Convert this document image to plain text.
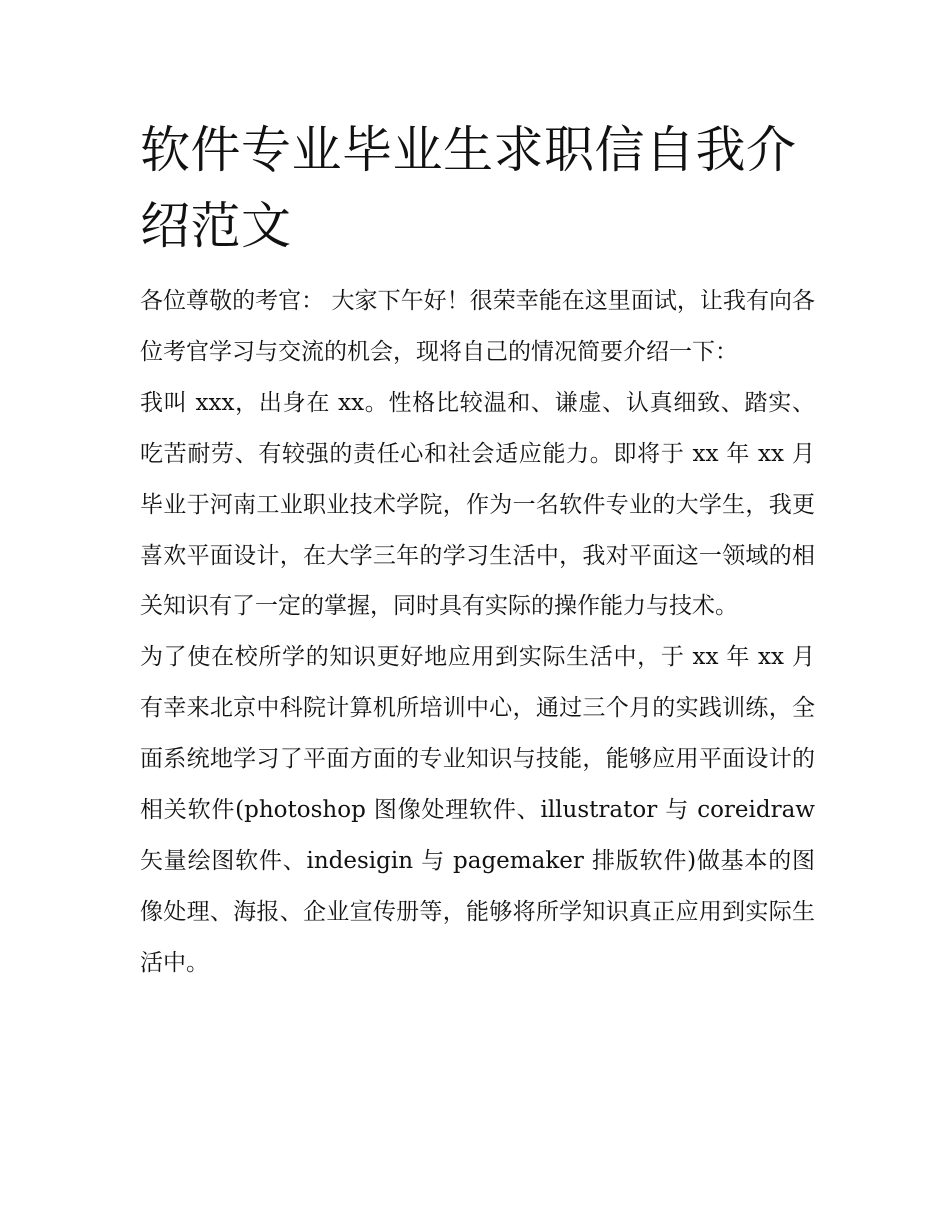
软件专业毕业生求职信自我介绍范文

各位尊敬的考官： 大家下午好！很荣幸能在这里面试，让我有向各位考官学习与交流的机会，现将自己的情况简要介绍一下：

我叫 xxx，出身在 xx。性格比较温和、谦虚、认真细致、踏实、吃苦耐劳、有较强的责任心和社会适应能力。即将于 xx 年 xx 月毕业于河南工业职业技术学院，作为一名软件专业的大学生，我更喜欢平面设计，在大学三年的学习生活中，我对平面这一领域的相关知识有了一定的掌握，同时具有实际的操作能力与技术。

为了使在校所学的知识更好地应用到实际生活中，于 xx 年 xx 月有幸来北京中科院计算机所培训中心，通过三个月的实践训练，全面系统地学习了平面方面的专业知识与技能，能够应用平面设计的相关软件(photoshop 图像处理软件、illustrator 与 coreidraw 矢量绘图软件、indesigin 与 pagemaker 排版软件)做基本的图像处理、海报、企业宣传册等，能够将所学知识真正应用到实际生活中。
